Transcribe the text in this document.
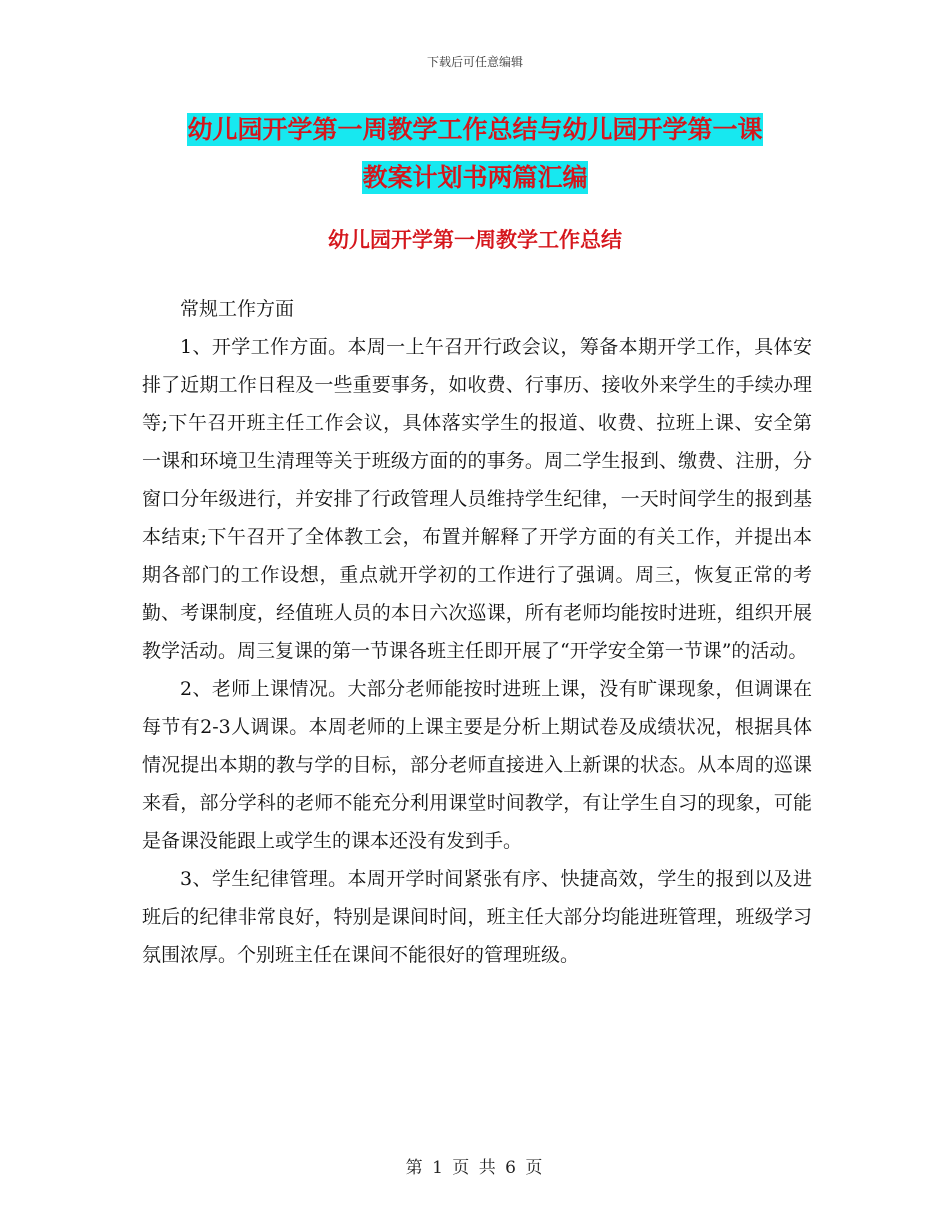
下载后可任意编辑
幼儿园开学第一周教学工作总结与幼儿园开学第一课
教案计划书两篇汇编
幼儿园开学第一周教学工作总结

常规工作方面

1、开学工作方面。本周一上午召开行政会议，筹备本期开学工作，具体安排了近期工作日程及一些重要事务，如收费、行事历、接收外来学生的手续办理等;下午召开班主任工作会议，具体落实学生的报道、收费、拉班上课、安全第一课和环境卫生清理等关于班级方面的的事务。周二学生报到、缴费、注册，分窗口分年级进行，并安排了行政管理人员维持学生纪律，一天时间学生的报到基本结束;下午召开了全体教工会，布置并解释了开学方面的有关工作，并提出本期各部门的工作设想，重点就开学初的工作进行了强调。周三，恢复正常的考勤、考课制度，经值班人员的本日六次巡课，所有老师均能按时进班，组织开展教学活动。周三复课的第一节课各班主任即开展了“开学安全第一节课”的活动。

2、老师上课情况。大部分老师能按时进班上课，没有旷课现象，但调课在每节有2-3人调课。本周老师的上课主要是分析上期试卷及成绩状况，根据具体情况提出本期的教与学的目标，部分老师直接进入上新课的状态。从本周的巡课来看，部分学科的老师不能充分利用课堂时间教学，有让学生自习的现象，可能是备课没能跟上或学生的课本还没有发到手。

3、学生纪律管理。本周开学时间紧张有序、快捷高效，学生的报到以及进班后的纪律非常良好，特别是课间时间，班主任大部分均能进班管理，班级学习氛围浓厚。个别班主任在课间不能很好的管理班级。

第 1 页 共 6 页
